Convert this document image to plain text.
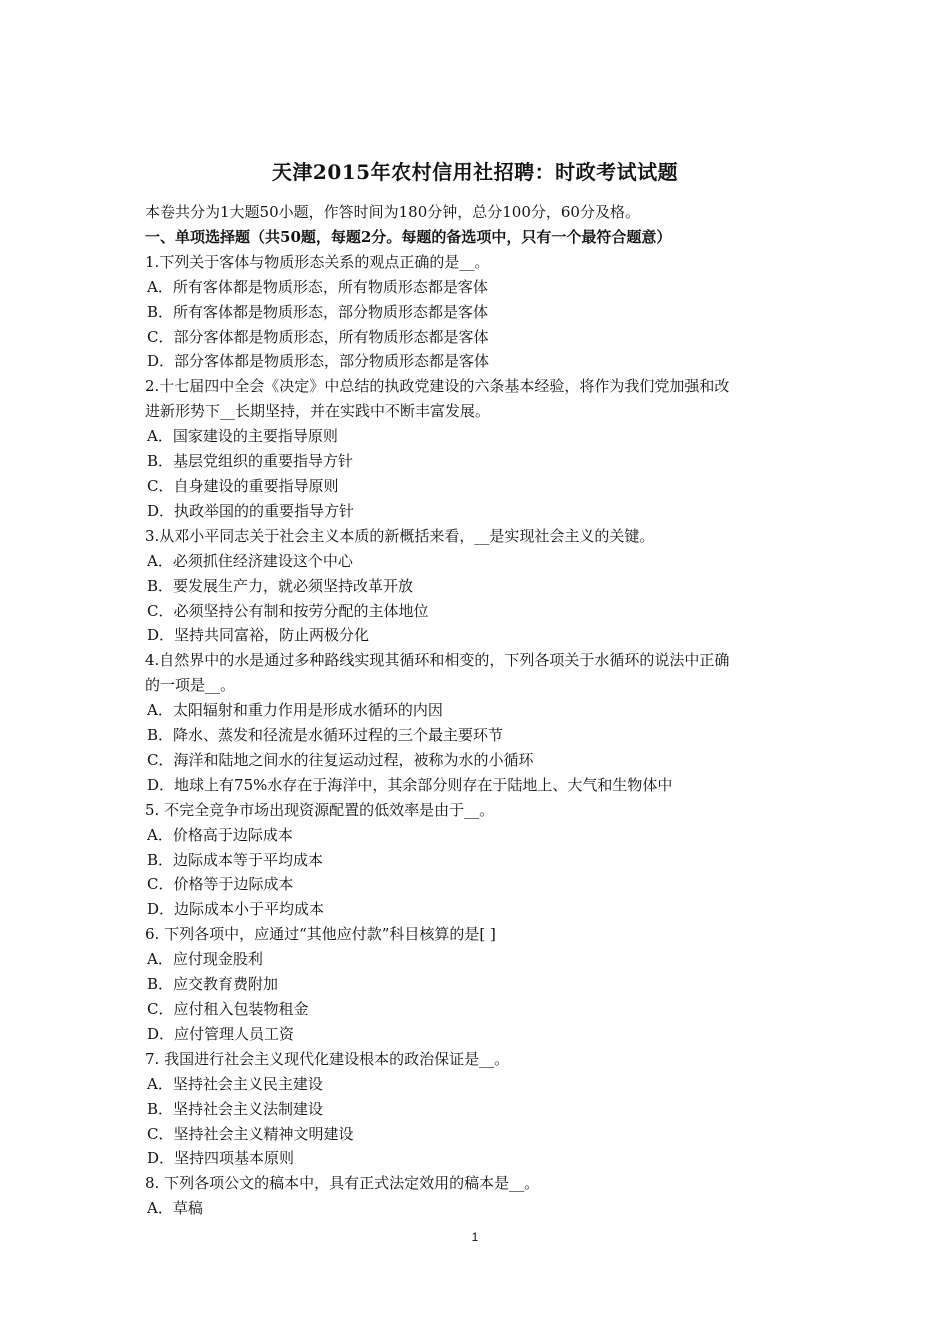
天津2015年农村信用社招聘：时政考试试题
本卷共分为1大题50小题，作答时间为180分钟，总分100分，60分及格。
一、单项选择题（共50题，每题2分。每题的备选项中，只有一个最符合题意）
1.下列关于客体与物质形态关系的观点正确的是__。
A．所有客体都是物质形态，所有物质形态都是客体
B．所有客体都是物质形态，部分物质形态都是客体
C．部分客体都是物质形态，所有物质形态都是客体
D．部分客体都是物质形态，部分物质形态都是客体
2.十七届四中全会《决定》中总结的执政党建设的六条基本经验，将作为我们党加强和改
进新形势下__长期坚持，并在实践中不断丰富发展。
A．国家建设的主要指导原则
B．基层党组织的重要指导方针
C．自身建设的重要指导原则
D．执政举国的的重要指导方针
3.从邓小平同志关于社会主义本质的新概括来看，__是实现社会主义的关键。
A．必须抓住经济建设这个中心
B．要发展生产力，就必须坚持改革开放
C．必须坚持公有制和按劳分配的主体地位
D．坚持共同富裕，防止两极分化
4.自然界中的水是通过多种路线实现其循环和相变的，下列各项关于水循环的说法中正确
的一项是__。
A．太阳辐射和重力作用是形成水循环的内因
B．降水、蒸发和径流是水循环过程的三个最主要环节
C．海洋和陆地之间水的往复运动过程，被称为水的小循环
D．地球上有75%水存在于海洋中，其余部分则存在于陆地上、大气和生物体中
5. 不完全竞争市场出现资源配置的低效率是由于__。
A．价格高于边际成本
B．边际成本等于平均成本
C．价格等于边际成本
D．边际成本小于平均成本
6. 下列各项中，应通过“其他应付款”科目核算的是[ ]
A．应付现金股利
B．应交教育费附加
C．应付租入包装物租金
D．应付管理人员工资
7. 我国进行社会主义现代化建设根本的政治保证是__。
A．坚持社会主义民主建设
B．坚持社会主义法制建设
C．坚持社会主义精神文明建设
D．坚持四项基本原则
8. 下列各项公文的稿本中，具有正式法定效用的稿本是__。
A．草稿
1
